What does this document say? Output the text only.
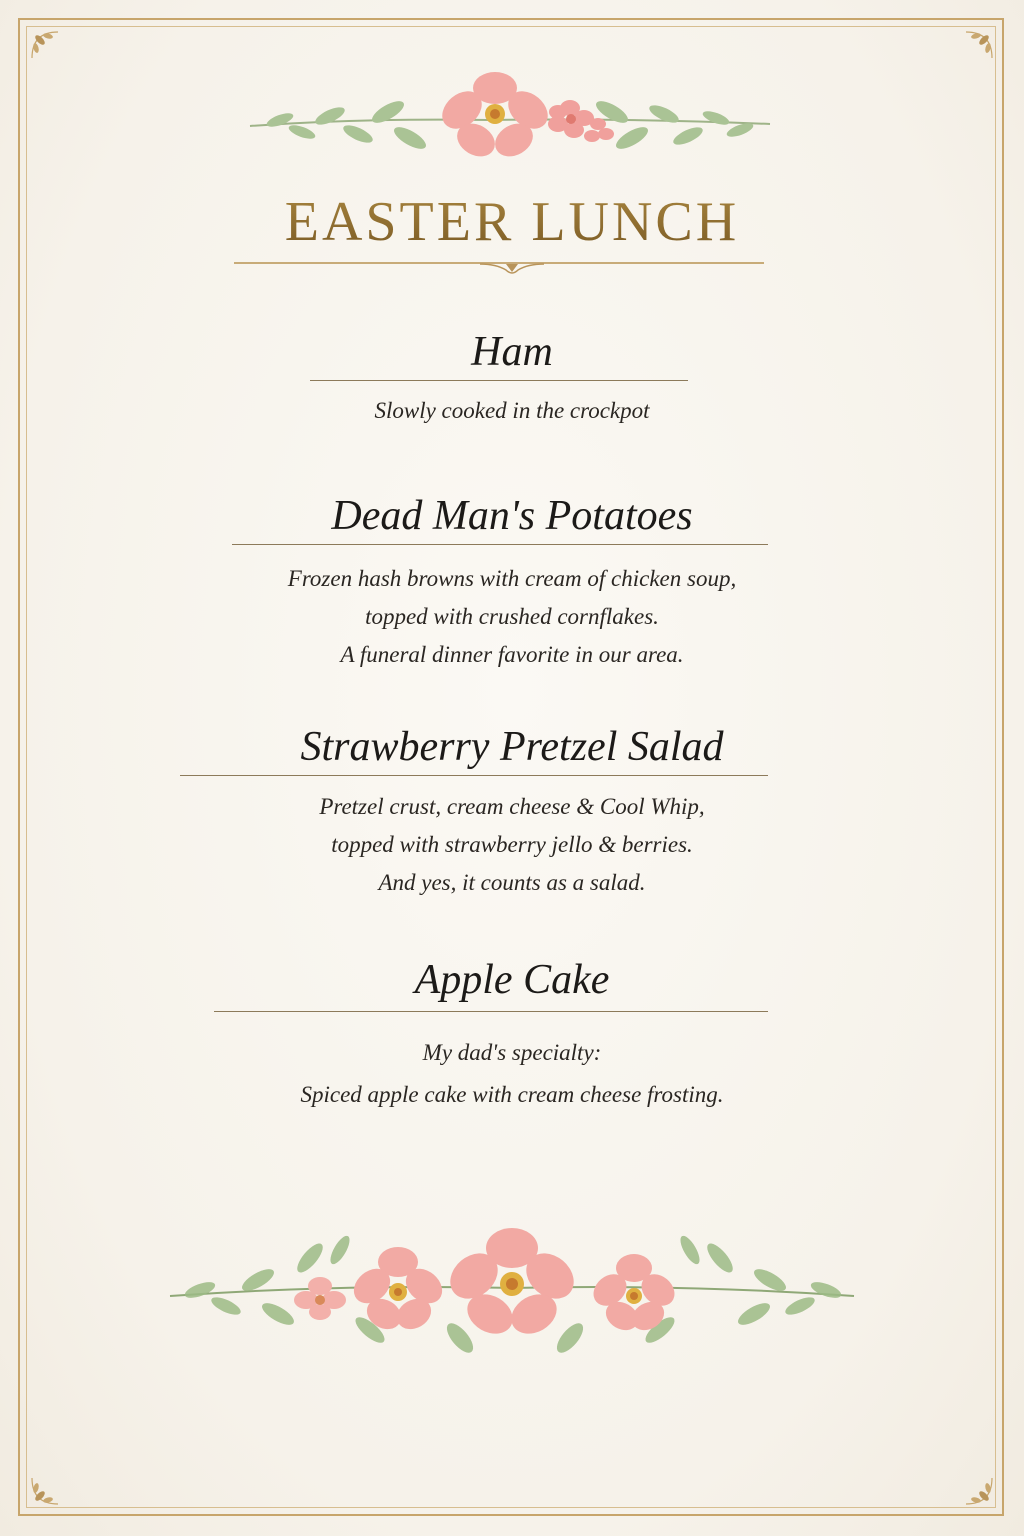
EASTER LUNCH
Ham
Slowly cooked in the crockpot
Dead Man's Potatoes
Frozen hash browns with cream of chicken soup,
topped with crushed cornflakes.
A funeral dinner favorite in our area.
Strawberry Pretzel Salad
Pretzel crust, cream cheese & Cool Whip,
topped with strawberry jello & berries.
And yes, it counts as a salad.
Apple Cake
My dad's specialty:
Spiced apple cake with cream cheese frosting.
